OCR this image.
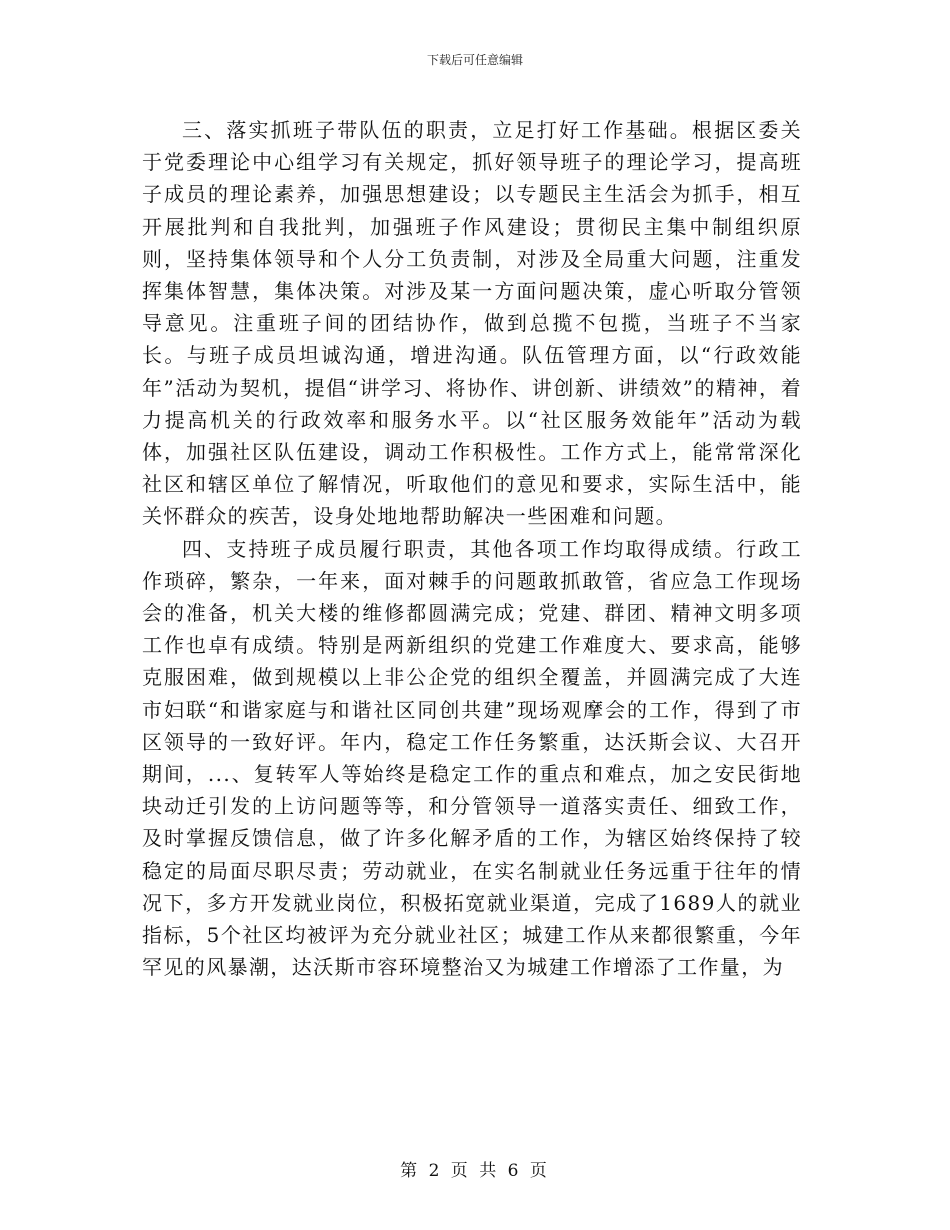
下载后可任意编辑

三、落实抓班子带队伍的职责，立足打好工作基础。根据区委关于党委理论中心组学习有关规定，抓好领导班子的理论学习，提高班子成员的理论素养，加强思想建设；以专题民主生活会为抓手，相互开展批判和自我批判，加强班子作风建设；贯彻民主集中制组织原则，坚持集体领导和个人分工负责制，对涉及全局重大问题，注重发挥集体智慧，集体决策。对涉及某一方面问题决策，虚心听取分管领导意见。注重班子间的团结协作，做到总揽不包揽，当班子不当家长。与班子成员坦诚沟通，增进沟通。队伍管理方面，以“行政效能年”活动为契机，提倡“讲学习、将协作、讲创新、讲绩效”的精神，着力提高机关的行政效率和服务水平。以“社区服务效能年”活动为载体，加强社区队伍建设，调动工作积极性。工作方式上，能常常深化社区和辖区单位了解情况，听取他们的意见和要求，实际生活中，能关怀群众的疾苦，设身处地地帮助解决一些困难和问题。

四、支持班子成员履行职责，其他各项工作均取得成绩。行政工作琐碎，繁杂，一年来，面对棘手的问题敢抓敢管，省应急工作现场会的准备，机关大楼的维修都圆满完成；党建、群团、精神文明多项工作也卓有成绩。特别是两新组织的党建工作难度大、要求高，能够克服困难，做到规模以上非公企党的组织全覆盖，并圆满完成了大连市妇联“和谐家庭与和谐社区同创共建”现场观摩会的工作，得到了市区领导的一致好评。年内，稳定工作任务繁重，达沃斯会议、大召开期间，...、复转军人等始终是稳定工作的重点和难点，加之安民街地块动迁引发的上访问题等等，和分管领导一道落实责任、细致工作，及时掌握反馈信息，做了许多化解矛盾的工作，为辖区始终保持了较稳定的局面尽职尽责；劳动就业，在实名制就业任务远重于往年的情况下，多方开发就业岗位，积极拓宽就业渠道，完成了1689人的就业指标，5个社区均被评为充分就业社区；城建工作从来都很繁重，今年罕见的风暴潮，达沃斯市容环境整治又为城建工作增添了工作量，为

第 2 页 共 6 页
